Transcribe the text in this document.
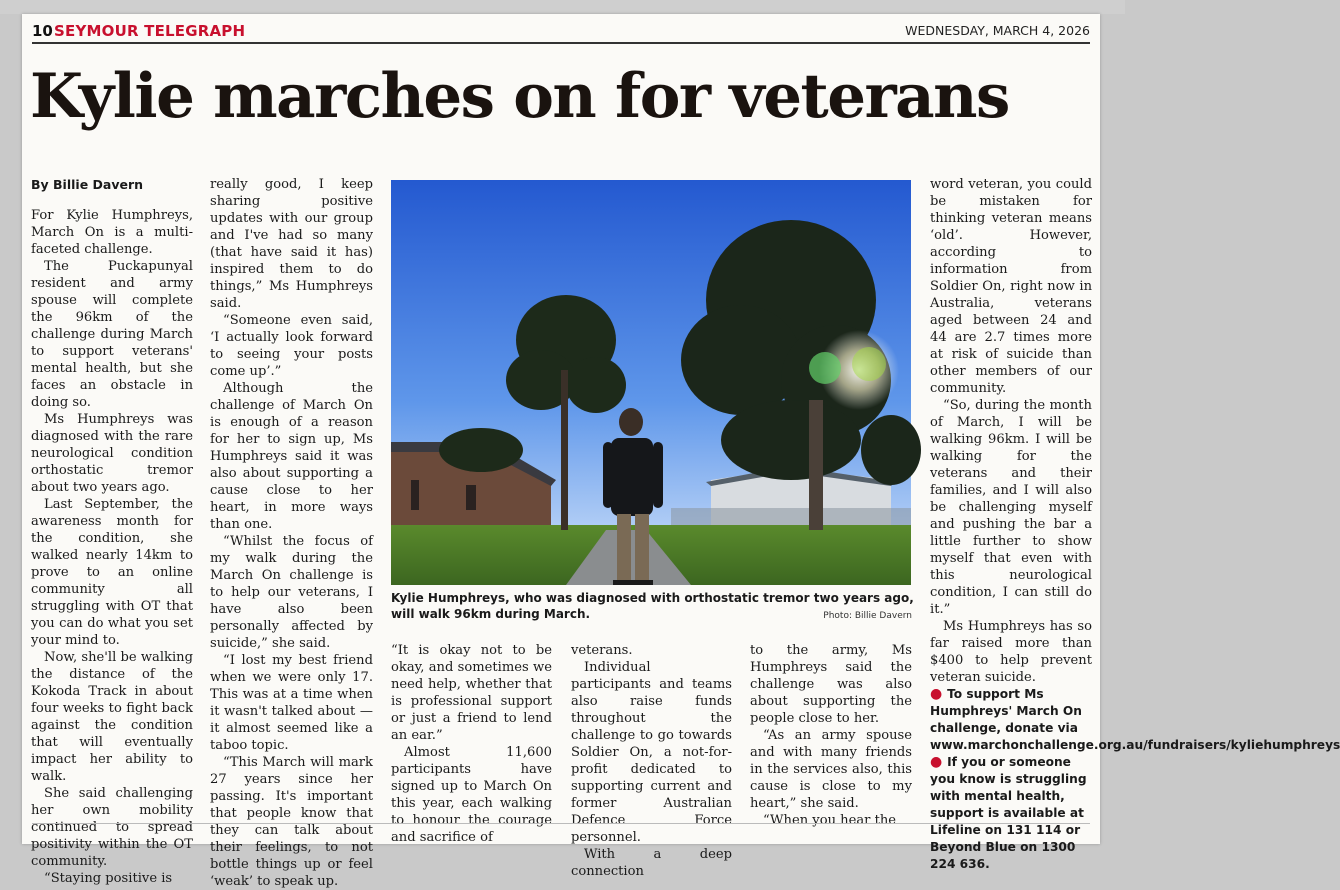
10 SEYMOUR TELEGRAPH	WEDNESDAY, MARCH 4, 2026
Kylie marches on for veterans

By Billie Davern

For Kylie Humphreys, March On is a multi-faceted challenge.

The Puckapunyal resident and army spouse will complete the 96km of the challenge during March to support veterans' mental health, but she faces an obstacle in doing so.

Ms Humphreys was diagnosed with the rare neurological condition orthostatic tremor about two years ago.

Last September, the awareness month for the condition, she walked nearly 14km to prove to an online community all struggling with OT that you can do what you set your mind to.

Now, she'll be walking the distance of the Kokoda Track in about four weeks to fight back against the condition that will eventually impact her ability to walk.

She said challenging her own mobility continued to spread positivity within the OT community.

“Staying positive is

really good, I keep sharing positive updates with our group and I've had so many (that have said it has) inspired them to do things,” Ms Humphreys said.

“Someone even said, ‘I actually look forward to seeing your posts come up’.”

Although the challenge of March On is enough of a reason for her to sign up, Ms Humphreys said it was also about supporting a cause close to her heart, in more ways than one.

“Whilst the focus of my walk during the March On challenge is to help our veterans, I have also been personally affected by suicide,” she said.

“I lost my best friend when we were only 17. This was at a time when it wasn't talked about — it almost seemed like a taboo topic.

“This March will mark 27 years since her passing. It's important that people know that they can talk about their feelings, to not bottle things up or feel ‘weak’ to speak up.

Kylie Humphreys, who was diagnosed with orthostatic tremor two years ago, will walk 96km during March.	Photo: Billie Davern

“It is okay not to be okay, and sometimes we need help, whether that is professional support or just a friend to lend an ear.”

Almost 11,600 participants have signed up to March On this year, each walking to honour the courage and sacrifice of

veterans.

Individual participants and teams also raise funds throughout the challenge to go towards Soldier On, a not-for-profit dedicated to supporting current and former Australian Defence Force personnel.

With a deep connection

to the army, Ms Humphreys said the challenge was also about supporting the people close to her.

“As an army spouse and with many friends in the services also, this cause is close to my heart,” she said.

“When you hear the

word veteran, you could be mistaken for thinking veteran means ‘old’. However, according to information from Soldier On, right now in Australia, veterans aged between 24 and 44 are 2.7 times more at risk of suicide than other members of our community.

“So, during the month of March, I will be walking 96km. I will be walking for the veterans and their families, and I will also be challenging myself and pushing the bar a little further to show myself that even with this neurological condition, I can still do it.”

Ms Humphreys has so far raised more than $400 to help prevent veteran suicide.

● To support Ms Humphreys' March On challenge, donate via www.marchonchallenge.org.au/fundraisers/kyliehumphreys

● If you or someone you know is struggling with mental health, support is available at Lifeline on 131 114 or Beyond Blue on 1300 224 636.
